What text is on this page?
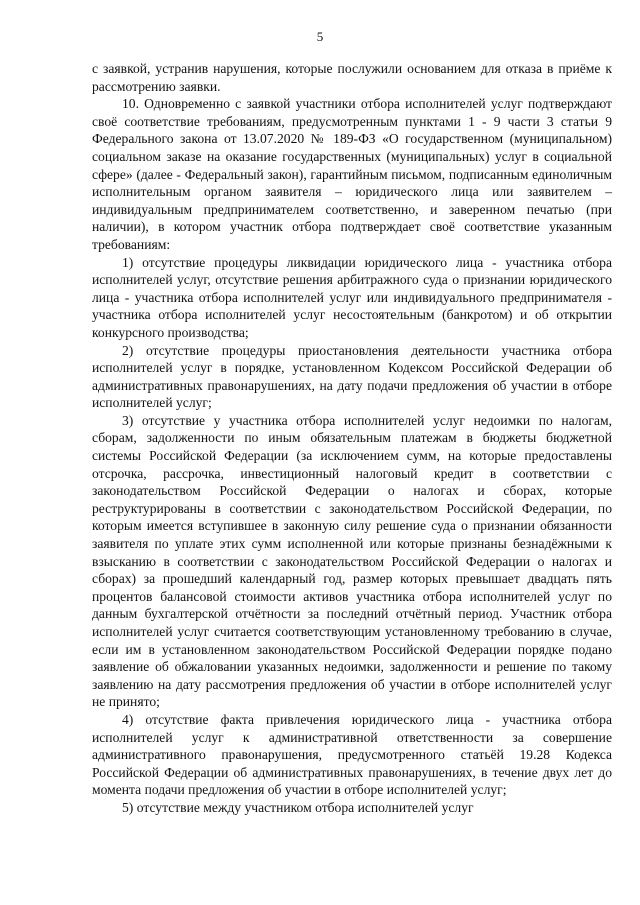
5

с заявкой, устранив нарушения, которые послужили основанием для отказа в приёме к рассмотрению заявки.

10. Одновременно с заявкой участники отбора исполнителей услуг подтверждают своё соответствие требованиям, предусмотренным пунктами 1 - 9 части 3 статьи 9 Федерального закона от 13.07.2020 № 189-ФЗ «О государственном (муниципальном) социальном заказе на оказание государственных (муниципальных) услуг в социальной сфере» (далее - Федеральный закон), гарантийным письмом, подписанным единоличным исполнительным органом заявителя – юридического лица или заявителем – индивидуальным предпринимателем соответственно, и заверенном печатью (при наличии), в котором участник отбора подтверждает своё соответствие указанным требованиям:

1) отсутствие процедуры ликвидации юридического лица - участника отбора исполнителей услуг, отсутствие решения арбитражного суда о признании юридического лица - участника отбора исполнителей услуг или индивидуального предпринимателя - участника отбора исполнителей услуг несостоятельным (банкротом) и об открытии конкурсного производства;

2) отсутствие процедуры приостановления деятельности участника отбора исполнителей услуг в порядке, установленном Кодексом Российской Федерации об административных правонарушениях, на дату подачи предложения об участии в отборе исполнителей услуг;

3) отсутствие у участника отбора исполнителей услуг недоимки по налогам, сборам, задолженности по иным обязательным платежам в бюджеты бюджетной системы Российской Федерации (за исключением сумм, на которые предоставлены отсрочка, рассрочка, инвестиционный налоговый кредит в соответствии с законодательством Российской Федерации о налогах и сборах, которые реструктурированы в соответствии с законодательством Российской Федерации, по которым имеется вступившее в законную силу решение суда о признании обязанности заявителя по уплате этих сумм исполненной или которые признаны безнадёжными к взысканию в соответствии с законодательством Российской Федерации о налогах и сборах) за прошедший календарный год, размер которых превышает двадцать пять процентов балансовой стоимости активов участника отбора исполнителей услуг по данным бухгалтерской отчётности за последний отчётный период. Участник отбора исполнителей услуг считается соответствующим установленному требованию в случае, если им в установленном законодательством Российской Федерации порядке подано заявление об обжаловании указанных недоимки, задолженности и решение по такому заявлению на дату рассмотрения предложения об участии в отборе исполнителей услуг не принято;

4) отсутствие факта привлечения юридического лица - участника отбора исполнителей услуг к административной ответственности за совершение административного правонарушения, предусмотренного статьёй 19.28 Кодекса Российской Федерации об административных правонарушениях, в течение двух лет до момента подачи предложения об участии в отборе исполнителей услуг;

5) отсутствие между участником отбора исполнителей услуг
